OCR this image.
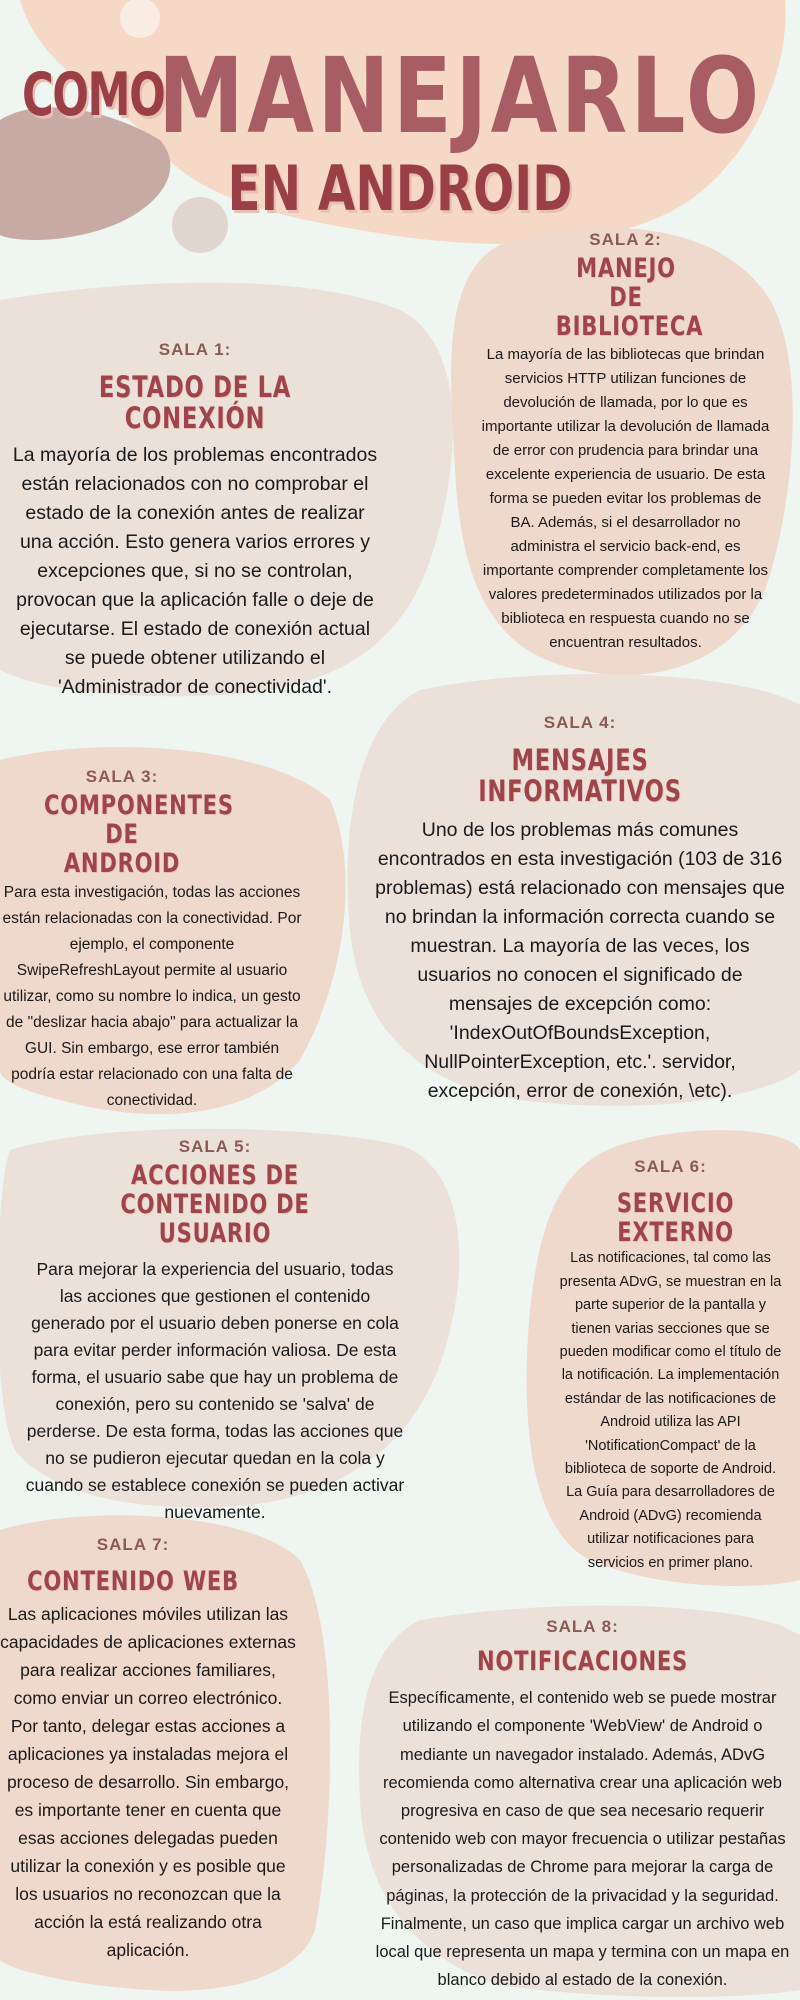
COMO
MANEJARLO
EN ANDROID
SALA 1:
ESTADO DE LA CONEXIÓN
La mayoría de los problemas encontrados están relacionados con no comprobar el estado de la conexión antes de realizar una acción. Esto genera varios errores y excepciones que, si no se controlan, provocan que la aplicación falle o deje de ejecutarse. El estado de conexión actual se puede obtener utilizando el 'Administrador de conectividad'.
SALA 2:
MANEJO DE BIBLIOTECA
La mayoría de las bibliotecas que brindan servicios HTTP utilizan funciones de devolución de llamada, por lo que es importante utilizar la devolución de llamada de error con prudencia para brindar una excelente experiencia de usuario. De esta forma se pueden evitar los problemas de BA. Además, si el desarrollador no administra el servicio back-end, es importante comprender completamente los valores predeterminados utilizados por la biblioteca en respuesta cuando no se encuentran resultados.
SALA 3:
COMPONENTES DE ANDROID
Para esta investigación, todas las acciones están relacionadas con la conectividad. Por ejemplo, el componente SwipeRefreshLayout permite al usuario utilizar, como su nombre lo indica, un gesto de "deslizar hacia abajo" para actualizar la GUI. Sin embargo, ese error también podría estar relacionado con una falta de conectividad.
SALA 4:
MENSAJES INFORMATIVOS
Uno de los problemas más comunes encontrados en esta investigación (103 de 316 problemas) está relacionado con mensajes que no brindan la información correcta cuando se muestran. La mayoría de las veces, los usuarios no conocen el significado de mensajes de excepción como: 'IndexOutOfBoundsException, NullPointerException, etc.'. servidor, excepción, error de conexión, \etc).
SALA 5:
ACCIONES DE CONTENIDO DE USUARIO
Para mejorar la experiencia del usuario, todas las acciones que gestionen el contenido generado por el usuario deben ponerse en cola para evitar perder información valiosa. De esta forma, el usuario sabe que hay un problema de conexión, pero su contenido se 'salva' de perderse. De esta forma, todas las acciones que no se pudieron ejecutar quedan en la cola y cuando se establece conexión se pueden activar nuevamente.
SALA 6:
SERVICIO EXTERNO
Las notificaciones, tal como las presenta ADvG, se muestran en la parte superior de la pantalla y tienen varias secciones que se pueden modificar como el título de la notificación. La implementación estándar de las notificaciones de Android utiliza las API 'NotificationCompact' de la biblioteca de soporte de Android. La Guía para desarrolladores de Android (ADvG) recomienda utilizar notificaciones para servicios en primer plano.
SALA 7:
CONTENIDO WEB
Las aplicaciones móviles utilizan las capacidades de aplicaciones externas para realizar acciones familiares, como enviar un correo electrónico. Por tanto, delegar estas acciones a aplicaciones ya instaladas mejora el proceso de desarrollo. Sin embargo, es importante tener en cuenta que esas acciones delegadas pueden utilizar la conexión y es posible que los usuarios no reconozcan que la acción la está realizando otra aplicación.
SALA 8:
NOTIFICACIONES
Específicamente, el contenido web se puede mostrar utilizando el componente 'WebView' de Android o mediante un navegador instalado. Además, ADvG recomienda como alternativa crear una aplicación web progresiva en caso de que sea necesario requerir contenido web con mayor frecuencia o utilizar pestañas personalizadas de Chrome para mejorar la carga de páginas, la protección de la privacidad y la seguridad. Finalmente, un caso que implica cargar un archivo web local que representa un mapa y termina con un mapa en blanco debido al estado de la conexión.
